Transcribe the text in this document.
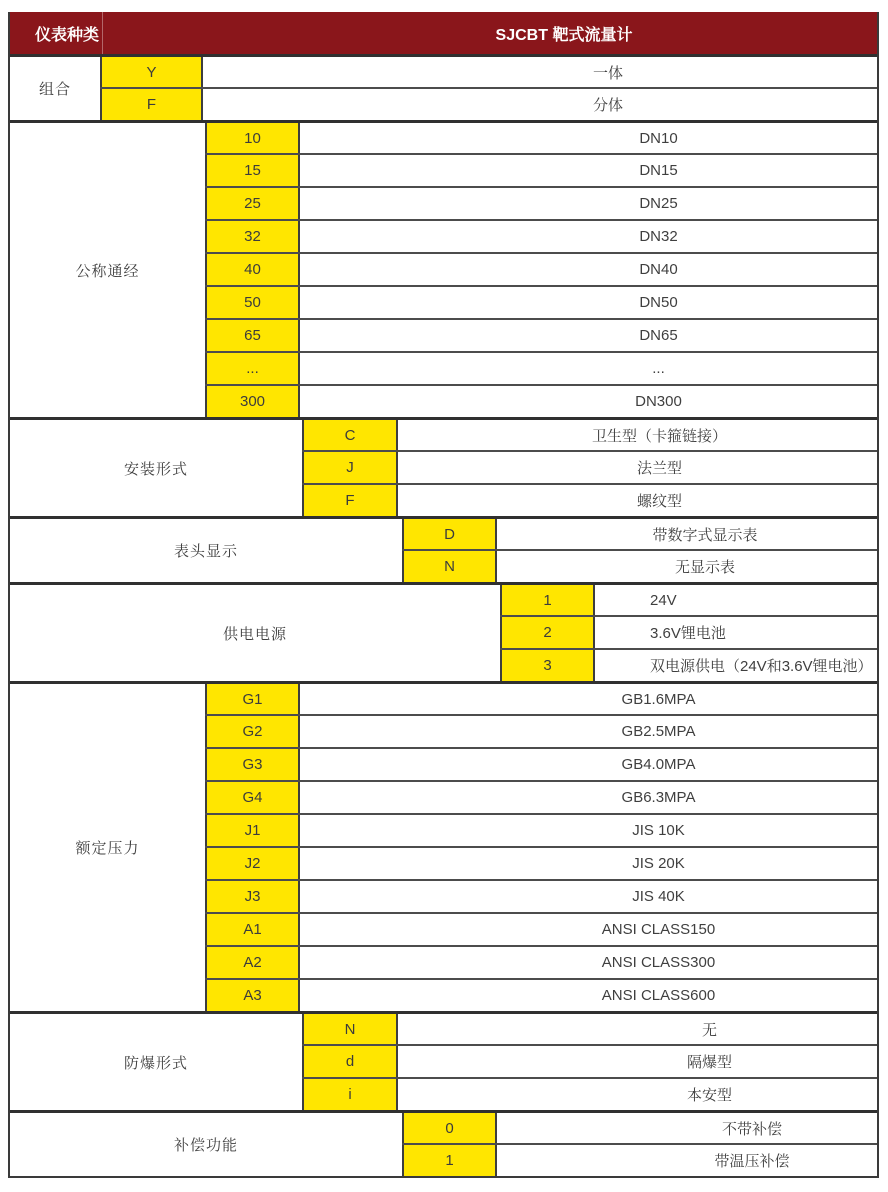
仪表种类	SJCBT 靶式流量计
组合
Y	一体
F	分体
公称通经
10	DN10
15	DN15
25	DN25
32	DN32
40	DN40
50	DN50
65	DN65
...	...
300	DN300
安装形式
C	卫生型（卡箍链接）
J	法兰型
F	螺纹型
表头显示
D	带数字式显示表
N	无显示表
供电电源
1	24V
2	3.6V锂电池
3	双电源供电（24V和3.6V锂电池）
额定压力
G1	GB1.6MPA
G2	GB2.5MPA
G3	GB4.0MPA
G4	GB6.3MPA
J1	JIS 10K
J2	JIS 20K
J3	JIS 40K
A1	ANSI CLASS150
A2	ANSI CLASS300
A3	ANSI CLASS600
防爆形式
N	无
d	隔爆型
i	本安型
补偿功能
0	不带补偿
1	带温压补偿
